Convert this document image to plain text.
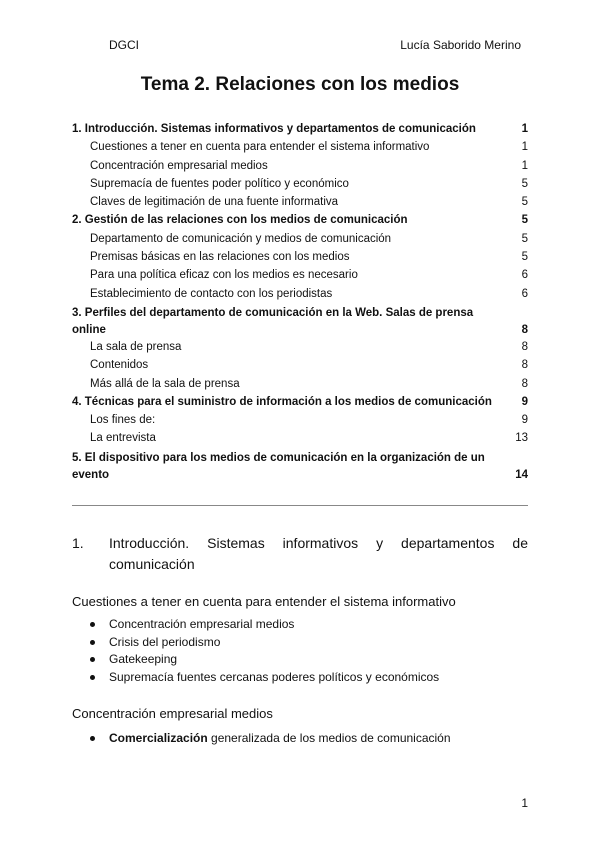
DGCI	Lucía Saborido Merino
Tema 2. Relaciones con los medios
1. Introducción. Sistemas informativos y departamentos de comunicación	1
Cuestiones a tener en cuenta para entender el sistema informativo	1
Concentración empresarial medios	1
Supremacía de fuentes poder político y económico	5
Claves de legitimación de una fuente informativa	5
2. Gestión de las relaciones con los medios de comunicación	5
Departamento de comunicación y medios de comunicación	5
Premisas básicas en las relaciones con los medios	5
Para una política eficaz con los medios es necesario	6
Establecimiento de contacto con los periodistas	6
3. Perfiles del departamento de comunicación en la Web. Salas de prensa online	8
La sala de prensa	8
Contenidos	8
Más allá de la sala de prensa	8
4. Técnicas para el suministro de información a los medios de comunicación	9
Los fines de:	9
La entrevista	13
5. El dispositivo para los medios de comunicación en la organización de un evento	14
1.	Introducción. Sistemas informativos y departamentos de comunicación
Cuestiones a tener en cuenta para entender el sistema informativo
Concentración empresarial medios
Crisis del periodismo
Gatekeeping
Supremacía fuentes cercanas poderes políticos y económicos
Concentración empresarial medios
Comercialización generalizada de los medios de comunicación
1
